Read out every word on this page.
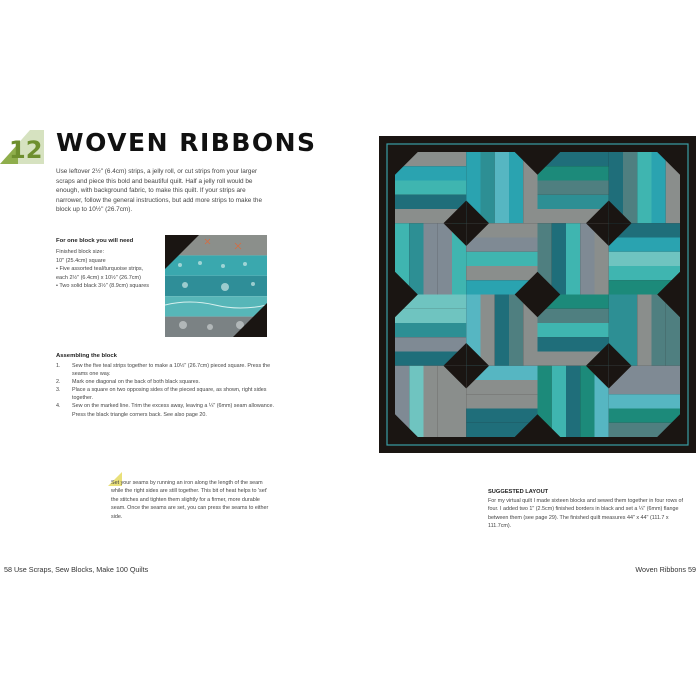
12 WOVEN RIBBONS
Use leftover 2½" (6.4cm) strips, a jelly roll, or cut strips from your larger scraps and piece this bold and beautiful quilt. Half a jelly roll would be enough, with background fabric, to make this quilt. If your strips are narrower, follow the general instructions, but add more strips to make the block up to 10½" (26.7cm).
For one block you will need
Finished block size:
10" (25.4cm) square
• Five assorted teal/turquoise strips,
each 2½" (6.4cm) x 10½" (26.7cm)
• Two solid black 3½" (8.9cm) squares
Assembling the block
1. Sew the five teal strips together to make a 10½" (26.7cm) pieced square. Press the seams one way.
2. Mark one diagonal on the back of both black squares.
3. Place a square on two opposing sides of the pieced square, as shown, right sides together.
4. Sew on the marked line. Trim the excess away, leaving a ¼" (6mm) seam allowance. Press the black triangle corners back. See also page 20.
Set your seams by running an iron along the length of the seam while the right sides are still together. This bit of heat helps to 'set' the stitches and tighten them slightly for a firmer, more durable seam. Once the seams are set, you can press the seams to either side.
58 Use Scraps, Sew Blocks, Make 100 Quilts	Woven Ribbons 59
SUGGESTED LAYOUT
For my virtual quilt I made sixteen blocks and sewed them together in four rows of four. I added two 1" (2.5cm) finished borders in black and set a ¼" (6mm) flange between them (see page 29). The finished quilt measures 44" x 44" (111.7 x 111.7cm).
